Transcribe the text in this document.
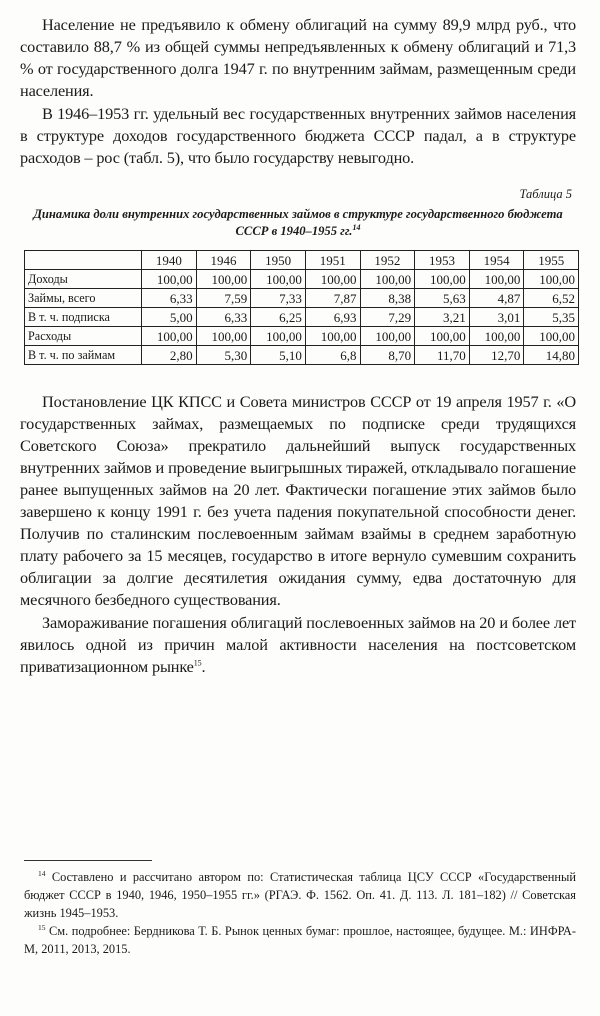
Население не предъявило к обмену облигаций на сумму 89,9 млрд руб., что составило 88,7 % из общей суммы непредъявленных к обмену облигаций и 71,3 % от государственного долга 1947 г. по внутренним займам, размещенным среди населения.

В 1946–1953 гг. удельный вес государственных внутренних займов населения в структуре доходов государственного бюджета СССР падал, а в структуре расходов – рос (табл. 5), что было государству невыгодно.

Таблица 5
Динамика доли внутренних государственных займов в структуре государственного бюджета СССР в 1940–1955 гг.$^{14}$
	1940	1946	1950	1951	1952	1953	1954	1955
Доходы	100,00	100,00	100,00	100,00	100,00	100,00	100,00	100,00
Займы, всего	6,33	7,59	7,33	7,87	8,38	5,63	4,87	6,52
В т. ч. подписка	5,00	6,33	6,25	6,93	7,29	3,21	3,01	5,35
Расходы	100,00	100,00	100,00	100,00	100,00	100,00	100,00	100,00
В т. ч. по займам	2,80	5,30	5,10	6,8	8,70	11,70	12,70	14,80

Постановление ЦК КПСС и Совета министров СССР от 19 апреля 1957 г. «О государственных займах, размещаемых по подписке среди трудящихся Советского Союза» прекратило дальнейший выпуск государственных внутренних займов и проведение выигрышных тиражей, откладывало погашение ранее выпущенных займов на 20 лет. Фактически погашение этих займов было завершено к концу 1991 г. без учета падения покупательной способности денег. Получив по сталинским послевоенным займам взаймы в среднем заработную плату рабочего за 15 месяцев, государство в итоге вернуло сумевшим сохранить облигации за долгие десятилетия ожидания сумму, едва достаточную для месячного безбедного существования.

Замораживание погашения облигаций послевоенных займов на 20 и более лет явилось одной из причин малой активности населения на постсоветском приватизационном рынке$^{15}$.

$^{14}$ Составлено и рассчитано автором по: Статистическая таблица ЦСУ СССР «Государственный бюджет СССР в 1940, 1946, 1950–1955 гг.» (РГАЭ. Ф. 1562. Оп. 41. Д. 113. Л. 181–182) // Советская жизнь 1945–1953.

$^{15}$ См. подробнее: Бердникова Т. Б. Рынок ценных бумаг: прошлое, настоящее, будущее. М.: ИНФРА-М, 2011, 2013, 2015.
